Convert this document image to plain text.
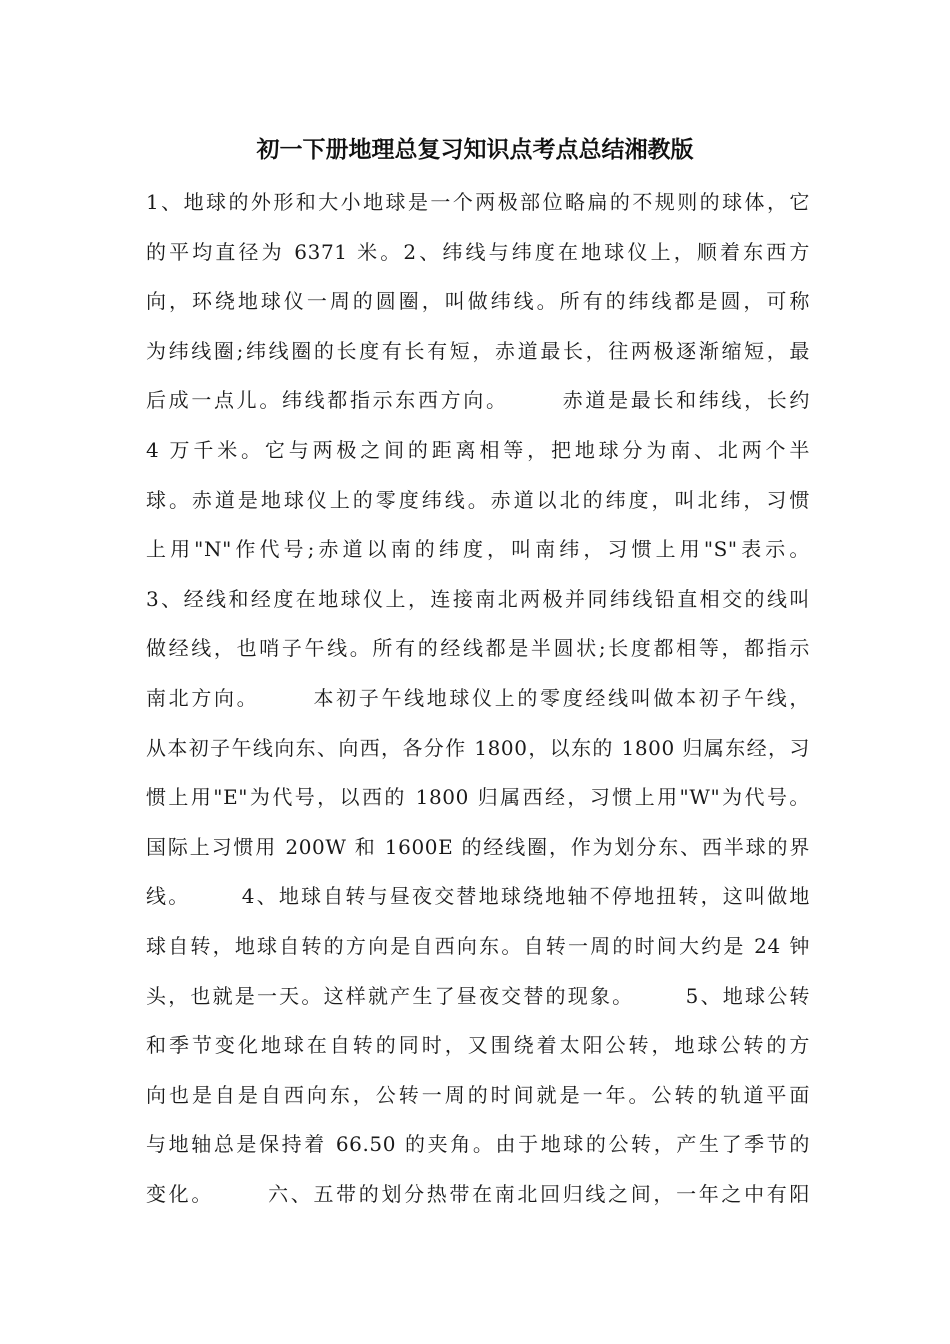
初一下册地理总复习知识点考点总结湘教版
1、地球的外形和大小地球是一个两极部位略扁的不规则的球体，它
的平均直径为 6371 米。2、纬线与纬度在地球仪上，顺着东西方
向，环绕地球仪一周的圆圈，叫做纬线。所有的纬线都是圆，可称
为纬线圈;纬线圈的长度有长有短，赤道最长，往两极逐渐缩短，最
后成一点儿。纬线都指示东西方向。      赤道是最长和纬线，长约
4 万千米。它与两极之间的距离相等，把地球分为南、北两个半
球。赤道是地球仪上的零度纬线。赤道以北的纬度，叫北纬，习惯
上用"N"作代号;赤道以南的纬度，叫南纬，习惯上用"S"表示。
3、经线和经度在地球仪上，连接南北两极并同纬线铅直相交的线叫
做经线，也哨子午线。所有的经线都是半圆状;长度都相等，都指示
南北方向。      本初子午线地球仪上的零度经线叫做本初子午线，
从本初子午线向东、向西，各分作 1800，以东的 1800 归属东经，习
惯上用"E"为代号，以西的 1800 归属西经，习惯上用"W"为代号。
国际上习惯用 200W 和 1600E 的经线圈，作为划分东、西半球的界
线。      4、地球自转与昼夜交替地球绕地轴不停地扭转，这叫做地
球自转，地球自转的方向是自西向东。自转一周的时间大约是 24 钟
头，也就是一天。这样就产生了昼夜交替的现象。      5、地球公转
和季节变化地球在自转的同时，又围绕着太阳公转，地球公转的方
向也是自是自西向东，公转一周的时间就是一年。公转的轨道平面
与地轴总是保持着 66.50 的夹角。由于地球的公转，产生了季节的
变化。      六、五带的划分热带在南北回归线之间，一年之中有阳
